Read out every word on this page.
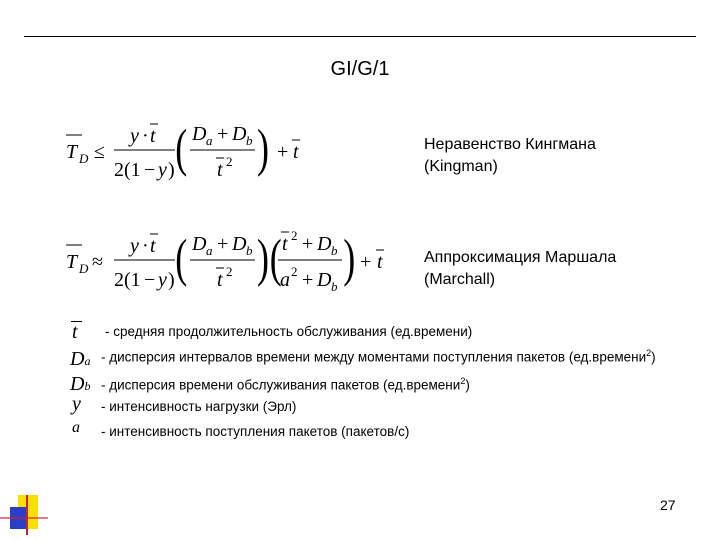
GI/G/1
T D ≤
y · t
2(1 − y ) ( D a + D b
t 2 ) + t	Неравенство Кингмана
(Kingman)
T D ≈
y · t
2(1 − y ) ( D a + D b
t 2 ) ( t 2 + D b
a 2 + D b ) + t	Аппроксимация Маршала
(Marchall)
t
Da
Db
y
a
- средняя продолжительность обслуживания (ед.времени)
- дисперсия интервалов времени между моментами поступления пакетов (ед.времени$^2$)
- дисперсия времени обслуживания пакетов (ед.времени$^2$)
- интенсивность нагрузки (Эрл)
- интенсивность поступления пакетов (пакетов/с)
27
